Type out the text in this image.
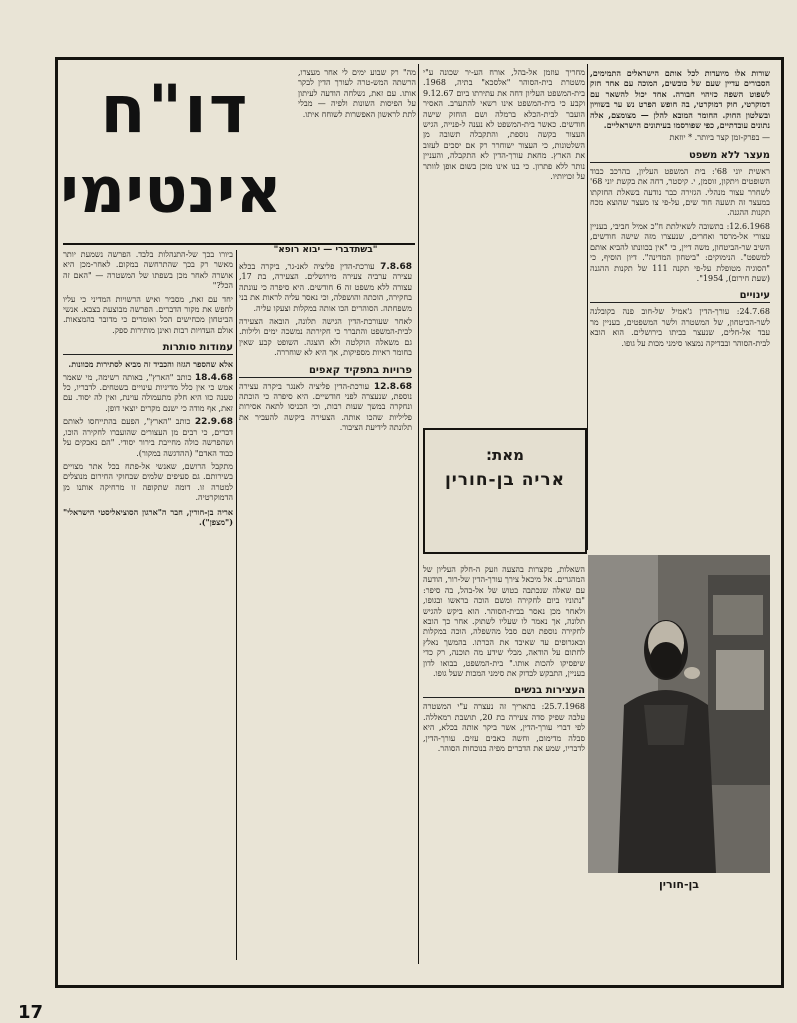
דו"ח
אינטימי

שורות אלו מיועדות לכל אותם הישראלים התמימים, הסבורים עדיין שעם של כובשים, המוכה עם אחד חזק לשפוט השפה כזיהוי חבורה. אחד יכול להשאר עם דמוקרטי, חוק דמוקרטי, בה חופש הפרט נש ער בשוויון ובשלטון החוק. החומר המובא להלן — מצומצם, אלה נתונים עובדתיים, כפי שפורסמו בעיתונים הישראליים.

— בפרק-זמן קצר ביותר. * יוזאת

מעצר ללא משפט

ראשית יוני 68': בית המשפט העליון, בהרכב כבוד השופטים ויתקון, זוסמן, י. קיסטר, דחה את בקשת יוני 68' לשחרר עצור מנהלי. הגזירה כבר נודעה בשאלת החזקתו במעצר זה תשעה חוד שים, על-פי צו מעצר שהוצא מכח תקנות ההגנה.

12.6.1968: בתשובה לשאילתת ח"כ אמיל חביבי, בעניין עצורי אל-מרסד ואחרים, שנעצרו מזה שישה חודשים, השיב שר-הביטחון, משה דיין, כי "אין בכוונתו להביא אותם למשפט". הנימוקים: "ביטחון המדינה". דיון הוסיף, כי "הסוגיה מטופלת על-פי תקנה 111 של תקנות ההגנה (שעת חירום), 1954".

עינויים

24.7.68: עורך-הדין ג'אמיל של-חוב פנה בקובלנה לשר-הביטחון, של המשטרה ולשר המשפטים, בעניין מר עבד אל-חלים, שנעצר בביתו בירושלים. הוא הובא לבית-הסוהר ובבדיקה נמצאו סימני מכות על גופו.

מחריך עוזמן אל-בהל, אורח הע-יר שכונה ע"י משטרת בית-הסוהר "אלסכא" בתיה, 1968. בית-המשפט העליון דחה את עתירתו ביום 9.12.67 וקבע כי בית-המשפט אינו רשאי להתערב. האסיר הועבר לבית-הכלא ברמלה ושם הוחזק שישה חודשים. כאשר בית-המשפט לא נענה ל-פנייה, הגיש העצור בקשה נוספת, והתקבלה תשובה מן השלטונות, כי העצור ישוחרר רק אם יסכים לעזוב את הארץ. מחאת עורך-הדין לא התקבלה, והעניין נותר ללא פתרון. כי בנו אינו מוכן בשום אופן לוותר על זכויותיו.

מה" רק שבוע ימים לי אחר מעצרו, הרשתה המש-טרה לעורך הדין לבקר אותו. עם זאת, נשלחה הודעה לעיתון על הפיסות השונות ולפיה — מבלי לתת לראשון האפשרות לשוחח איתו.

מאת:
אריה בן-חורין
"בשתדברי — יבוא רופא"

7.8.68 עורכת-הדין פליציה לאנ-גר, ביקרה בכלא עצירה ערביה צעירה מירושלים. הצעירה, בת 17, עצורה ללא משפט זה 6 חודשים. היא סיפרה כי עונתה בחקירה, הוכתה והושפלה, וכי נאסר עליה לראות את בני משפחתה. הסוהרים הכו אותה במקלות וצעקו עליה.

לאחר שעורכת-הדין הגישה תלונה, הובאה הצעירה לבית-המשפט והתברר כי חקירתה נמשכה ימים ולילות. גם משאלה הוקלטה ולא הוצגה. השופט קבע שאין בחומר ראיות מספיקות, אך היא לא שוחררה.

פרויות בתפקיד קאפים

12.8.68 עורכת-הדין פליציה לאנגר ביקרה עצירה נוספת, שנעצרה לפני חודשיים. היא סיפרה כי הוכתה ונחקרה במשך שעות רבות, וכי הכניסו לתאה אסירות פליליות שהכו אותה. הצעירה ביקשה להעביר את תלונתה לידיעת הציבור.

ביורו בכך של-התנהלות בלבד. הפרשה נשמעת יותר מאשר רק בכך שהתרחשה במקום. לאחר-מכן היא אושרה לאחר מכן בשפתו של המשטרה — "האם זה הכל?"

יחד עם זאת, מסביר ואיש הרשויות המדיני כי עליו לחפש את מקור הדברים. הפרשה מבוצעת בצבא. אנשי הביטחון מכחישים הכל ואומרים כי מדובר בהמצאות. אולם העדויות רבות ואינן מותירות ספק.

עמודות סותרות

אלא שהספר הגזוז והכביד זה מביא לסתירות מכוונות.

18.4.68 כותב "הארץ", באותה רשימה, מי שאמר אמש כי אין כלל מדיניות עינויים בשטחים. לדבריו, כל טענה כזו היא חלק מתעמולה עוינת, ואין לה יסוד. עם זאת, אף מודה כי ישנם מקרים יוצאי דופן.

22.9.68 כותב "הארץ", הפעם בהתייחסו לאותם דברים, כי רבים מן העצורים שהועברו לחקירה הוכו, ושהפרשה כולה מחייבת בירור יסודי. "הם נאבקים על כבוד האדם" (ההדגשה במקור).

מתקבל הרושם, שאנשי אל-פתח בכל אתר מצויים בשירותם. גם סעיפים שלמים שבחוקי החירום מנוצלים למטרה זו. דומה שתקופה זו מרחיקה אותנו מן הדמוקרטיה.

אריה בן-חורין, חבר ה"ארגון הסוציאליסטי הישראלי" ("מצפן").

השאלות, מקצרות בהצעה וזעק ה-חלק העליון של המהגרים. אל מיכאל צירך עורך-הדין של-רור, הודעה עם שאלה שנכתבה בטוש של אל-בהל, בה סיפר: "נתוניו ביום לחקירה ומשם הוכה בראשו ובגופו, ולאחר מכן נאסר בבית-הסוהר. הוא ביקש להגיש תלונה, אך נאמר לו שעליו לשתוק. אחר כך הובא לחקירה נוספת ושם סבל מהשפלה, הוכה במקלות ובאגרופים עד שאיבד את הכרתו. בהמשך נאלץ לחתום על הודאה, מבלי שידע מה תוכנה, רק כדי שיפסיקו להכות אותו." בית-המשפט, בבואו לדון בעניין, התבקש לבדוק את סימני המכות שעל גופו.

העצירות בנשים

25.7.1968: בתאריך זה נעצרה ע"י המשטרה עלבה שפיק סדה צעירה בת 20, תושבת רמאללה. לפי דברי עורך-הדין, אשר ביקר אותה בכלא, היא סבלה מדימום, וחשה כאבים עזים. עורך-הדין, לדבריו, שמע את הדברים מפיה בנוכחות הסוהר.

בן-חורין
17
